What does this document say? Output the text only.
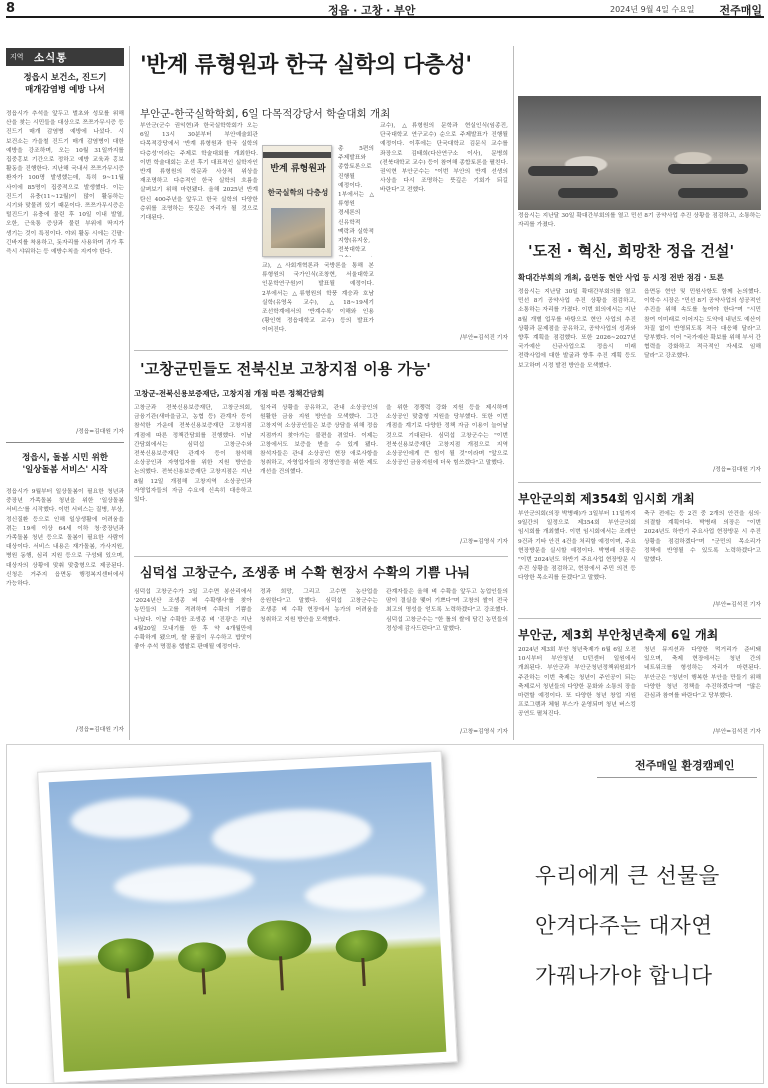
8	정읍 · 고창 · 부안	2024년 9월 4일 수요일 전주매일
지역 소식통
정읍시 보건소, 진드기
매개감염병 예방 나서
정읍시가 추석을 앞두고 벌초와 성묘를 위해 산을 찾는 시민들을 대상으로 쯔쯔가무시증 등 진드기 매개 감염병 예방에 나섰다. 시 보건소는 가을철 진드기 매개 감염병이 대한 예방을 강조하며, 오는 10월 31일까지를 집중홍보 기간으로 정하고 예방 교육과 홍보 활동을 진행한다. 지난해 국내서 쯔쯔가무시증 환자가 100명 발생했는데, 특히 9~11월 사이에 85명이 집중적으로 발생했다. 이는 진드기 유충(11~12월)이 많이 활동하는 시기와 맞물려 있기 때문이다. 쯔쯔가무시증은 털진드기 유충에 물린 후 10일 이내 발열, 오한, 근육통 증상과 물린 부위에 딱지가 생기는 것이 특징이다. 야외 활동 시에는 긴팔·긴바지를 착용하고, 돗자리를 사용하며 귀가 후 즉시 샤워하는 등 예방수칙을 지켜야 한다.
/정읍=김대원 기자
정읍시, 돌봄 시민 위한
'일상돌봄 서비스' 시작
정읍시가 9월부터 일상돌봄이 필요한 청년과 중장년 가족돌봄 청년을 위한 '일상돌봄 서비스'를 시작했다. 이번 서비스는 질병, 부상, 정신질환 등으로 인해 일상생활에 어려움을 겪는 19세 이상 64세 이하 청·중장년과 가족돌봄 청년 등으로 돌봄이 필요한 사람이 대상이다. 서비스 내용은 재가돌봄, 가사지원, 병원 동행, 심리 지원 등으로 구성돼 있으며, 대상자의 상황에 맞춰 맞춤형으로 제공된다. 신청은 거주지 읍면동 행정복지센터에서 가능하다.
/정읍=김대원 기자
'반계 류형원과 한국 실학의 다층성'
부안군-한국실학학회, 6일 다목적강당서 학술대회 개최
부안군(군수 권익현)과 한국실학학회가 오는 6일 13시 30분부터 부안예술회관 다목적강당에서 '반계 류형원과 한국 실학의 다층성'이라는 주제로 학술대회를 개최한다. 이번 학술대회는 조선 후기 대표적인 실학자인 반계 류형원의 학문과 사상적 위상을 재조명하고 다층적인 한국 실학의 흐름을 살펴보기 위해 마련됐다. 올해 2025년 반계 탄신 400주년을 앞두고 한국 실학의 다양한 층위를 조명하는 뜻깊은 자리가 될 것으로 기대된다.
반계 류형원과
한국실학의 다층성
총 5편의 주제발표와 종합토론으로 진행될 예정이다. 1부에서는 △류형원 경세론의 신유학적 맥락과 실학적 지향(유지웅, 전북대학교
교), △사회개혁론과 국방론을 통해 본 류형원의 국가인식(조창현, 서울대학교 인문학연구원)이 발표될 예정이다. 2부에서는 △류형원의 학풍 계승과 호남 실학(유영옥 교수), △18~19세기 조선학계에서의 '반계수록' 이해와 인용(황인혁 정읍대학교 교수) 등의 발표가 이어진다.
교수), △류형원의 문학과 현실인식(임종진, 단국대학교 연구교수) 순으로 주제발표가 진행될 예정이다. 이후에는 단국대학교 김문식 교수를 좌장으로 김태희(다산연구소 이사), 문병희(전북대학교 교수) 등이 참여해 종합토론을 펼친다. 권익현 부안군수는 "이번 부안의 반계 선생의 사상을 다시 조명하는 뜻깊은 기회가 되길 바란다"고 전했다.
/부안=김석진 기자
정읍시는 지난달 30일 확대간부회의를 열고 민선 8기 공약사업 추진 상황을 점검하고, 소통하는 자리를 가졌다.
'도전 · 혁신, 희망찬 정읍 건설'
확대간부회의 개최, 읍면동 현안 사업 등 시정 전반 점검 · 토론
정읍시는 지난달 30일 확대간부회의를 열고 민선 8기 공약사업 추진 상황을 점검하고, 소통하는 자리를 가졌다. 이번 회의에서는 지난 8월 개별 업무를 바탕으로 현안 사업의 추진 상황과 문제점을 공유하고, 공약사업의 성과와 향후 계획을 점검했다. 또한 2026~2027년 국가예산 신규사업으로 정읍시 미래 전략사업에 대한 발굴과 향후 추진 계획 등도 보고하며 시정 발전 방안을 모색했다.
읍면동 현안 및 민원사항도 함께 논의했다. 이학수 시장은 "민선 8기 공약사업의 성공적인 추진을 위해 속도를 높여야 한다"며 "시민 참여 이미래로 이어지는 도약에 내년도 예산이 차질 없이 반영되도록 적극 대응해 달라"고 당부했다. 이어 "국가예산 확보를 위해 부서 간 협력을 강화하고 적극적인 자세로 임해 달라"고 강조했다.
/정읍=김대원 기자
'고창군민들도 전북신보 고창지점 이용 가능'
고창군-전북신용보증재단, 고창지점 개점 따른 정책간담회
고창군과 전북신용보증재단, 고창군의회, 금융기관(새마을금고, 농협 등) 관계자 등이 참석한 가운데 전북신용보증재단 고창지점 개점에 따른 정책간담회를 진행했다. 이날 간담회에서는 심덕섭 고창군수와 전북신용보증재단 관계자 등이 참석해 소상공인과 자영업자를 위한 지원 방안을 논의했다. 전북신용보증재단 고창지점은 지난 8월 12일 개점해 고창지역 소상공인과 자영업자들의 자금 수요에 신속히 대응하고 있다.
일자리 상황을 공유하고, 관내 소상공인의 원활한 금융 지원 방안을 모색했다. 그간 고창지역 소상공인들은 보증 상담을 위해 정읍 지점까지 찾아가는 불편을 겪었다. 이제는 고창에서도 보증을 받을 수 있게 됐다. 참석자들은 관내 소상공인 현장 애로사항을 청취하고, 자영업자들의 경영안정을 위한 제도 개선을 건의했다.
을 위한 경쟁력 강화 지원 등을 제시하며 소상공인 맞춤형 지원을 당부했다. 또한 이번 개점을 계기로 다양한 정책 자금 이용이 늘어날 것으로 기대된다. 심덕섭 고창군수는 "이번 전북신용보증재단 고창지점 개점으로 지역 소상공인에게 큰 힘이 될 것"이라며 "앞으로 소상공인 금융지원에 더욱 힘쓰겠다"고 말했다.
/고창=김영식 기자
부안군의회 제354회 임시회 개최
부안군의회(의장 박병래)가 3일부터 11일까지 9일간의 일정으로 제354회 부안군의회 임시회를 개최했다. 이번 임시회에서는 조례안 9건과 기타 안건 4건을 처리할 예정이며, 주요 현장방문을 실시할 예정이다. 박병래 의장은 "이번 2024년도 하반기 주요사업 현장방문 시 추진 상황을 점검하고, 현장에서 주민 의견 등 다양한 목소리를 듣겠다"고 말했다.
축구 전에는 등 2건 중 2개의 안건을 심의·의결할 계획이다. 박병래 의장은 "이번 2024년도 하반기 주요사업 현장방문 시 추진 상황을 점검하겠다"며 "군민의 목소리가 정책에 반영될 수 있도록 노력하겠다"고 말했다.
/부안=김석진 기자
심덕섭 고창군수, 조생종 벼 수확 현장서 수확의 기쁨 나눠
심덕섭 고창군수가 3일 고수면 봉산리에서 '2024년산 조생종 벼 수확행사'를 찾아 농민들의 노고를 격려하며 수확의 기쁨을 나눴다. 이날 수확한 조생종 벼 '진광'은 지난 4월20일 모내기를 한 후 약 4개월만에 수확하게 됐으며, 쌀 품질이 우수하고 밥맛이 좋아 추석 명절용 햅쌀로 판매될 예정이다.
정과 희망, 그리고 고수면 농산업을 응원한다"고 말했다. 심덕섭 고창군수는 조생종 벼 수확 현장에서 농가의 어려움을 청취하고 지원 방안을 모색했다.
관계자들은 올해 벼 수확을 앞두고 농업인들의 땀이 결실을 맺어 기쁘다"며 고창의 쌀이 전국 최고의 명성을 얻도록 노력하겠다"고 강조했다. 심덕섭 고창군수는 "한 톨의 쌀에 담긴 농민들의 정성에 감사드린다"고 말했다.
/고창=김영식 기자
부안군, 제3회 부안청년축제 6일 개최
2024년 제3회 부안 청년축제가 6월 6일 오전 10시부터 부안청년 U턴센터 일원에서 개최된다. 부안군과 부안군청년정책위원회가 주관하는 이번 축제는 청년이 주인공이 되는 축제로서 청년들의 다양한 문화와 소통의 장을 마련할 예정이다. 또 다양한 청년 창업 지원 프로그램과 체험 부스가 운영되며 청년 버스킹 공연도 펼쳐진다.
청년 뮤지션과 다양한 먹거리가 준비돼 있으며, 축제 현장에서는 청년 간의 네트워크를 형성하는 자리가 마련된다. 부안군은 "청년이 행복한 부안을 만들기 위해 다양한 청년 정책을 추진하겠다"며 "많은 관심과 참여를 바란다"고 당부했다.
/부안=김석진 기자
전주매일 환경캠페인
우리에게 큰 선물을
안겨다주는 대자연
가꿔나가야 합니다
